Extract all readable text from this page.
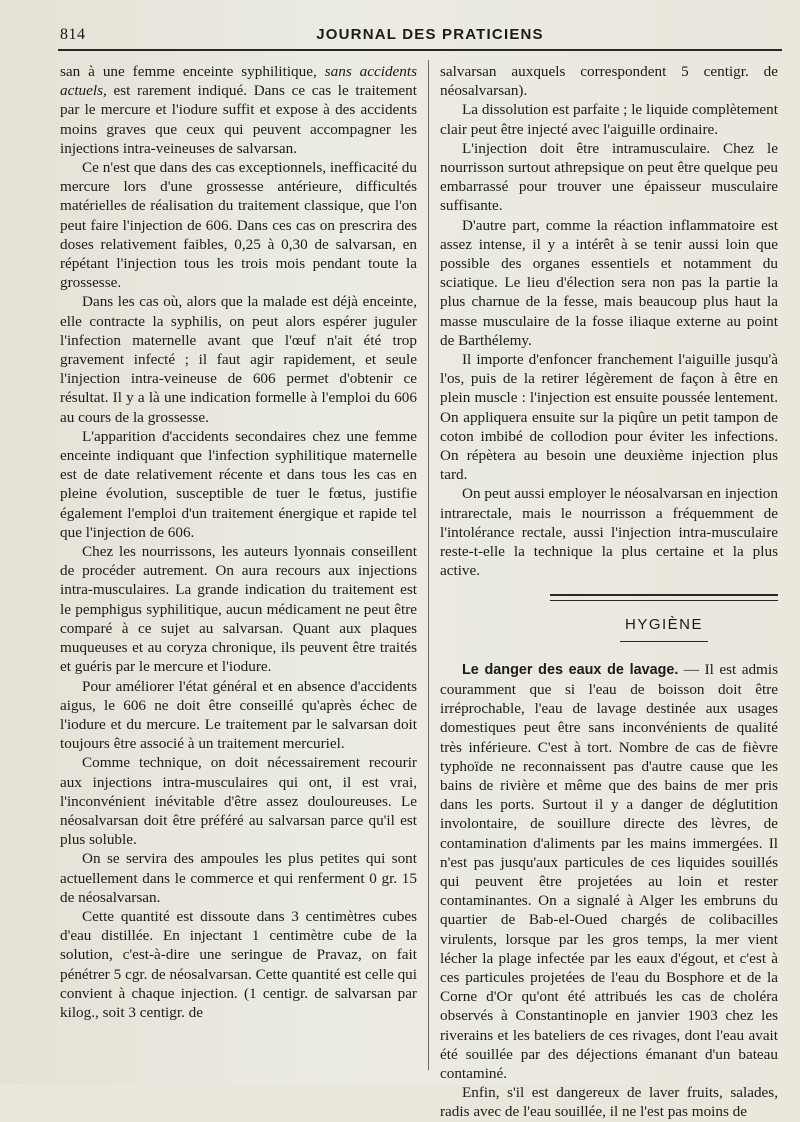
814	JOURNAL DES PRATICIENS

san à une femme enceinte syphilitique, sans accidents actuels, est rarement indiqué. Dans ce cas le traitement par le mercure et l'iodure suffit et expose à des accidents moins graves que ceux qui peuvent accompagner les injections intra-veineuses de salvarsan.

Ce n'est que dans des cas exceptionnels, inefficacité du mercure lors d'une grossesse antérieure, difficultés matérielles de réalisation du traitement classique, que l'on peut faire l'injection de 606. Dans ces cas on prescrira des doses relativement faibles, 0,25 à 0,30 de salvarsan, en répétant l'injection tous les trois mois pendant toute la grossesse.

Dans les cas où, alors que la malade est déjà enceinte, elle contracte la syphilis, on peut alors espérer juguler l'infection maternelle avant que l'œuf n'ait été trop gravement infecté ; il faut agir rapidement, et seule l'injection intra-veineuse de 606 permet d'obtenir ce résultat. Il y a là une indication formelle à l'emploi du 606 au cours de la grossesse.

L'apparition d'accidents secondaires chez une femme enceinte indiquant que l'infection syphilitique maternelle est de date relativement récente et dans tous les cas en pleine évolution, susceptible de tuer le fœtus, justifie également l'emploi d'un traitement énergique et rapide tel que l'injection de 606.

Chez les nourrissons, les auteurs lyonnais conseillent de procéder autrement. On aura recours aux injections intra-musculaires. La grande indication du traitement est le pemphigus syphilitique, aucun médicament ne peut être comparé à ce sujet au salvarsan. Quant aux plaques muqueuses et au coryza chronique, ils peuvent être traités et guéris par le mercure et l'iodure.

Pour améliorer l'état général et en absence d'accidents aigus, le 606 ne doit être conseillé qu'après échec de l'iodure et du mercure. Le traitement par le salvarsan doit toujours être associé à un traitement mercuriel.

Comme technique, on doit nécessairement recourir aux injections intra-musculaires qui ont, il est vrai, l'inconvénient inévitable d'être assez douloureuses. Le néosalvarsan doit être préféré au salvarsan parce qu'il est plus soluble.

On se servira des ampoules les plus petites qui sont actuellement dans le commerce et qui renferment 0 gr. 15 de néosalvarsan.

Cette quantité est dissoute dans 3 centimètres cubes d'eau distillée. En injectant 1 centimètre cube de la solution, c'est-à-dire une seringue de Pravaz, on fait pénétrer 5 cgr. de néosalvarsan. Cette quantité est celle qui convient à chaque injection. (1 centigr. de salvarsan par kilog., soit 3 centigr. de

salvarsan auxquels correspondent 5 centigr. de néosalvarsan).

La dissolution est parfaite ; le liquide complètement clair peut être injecté avec l'aiguille ordinaire.

L'injection doit être intramusculaire. Chez le nourrisson surtout athrepsique on peut être quelque peu embarrassé pour trouver une épaisseur musculaire suffisante.

D'autre part, comme la réaction inflammatoire est assez intense, il y a intérêt à se tenir aussi loin que possible des organes essentiels et notamment du sciatique. Le lieu d'élection sera non pas la partie la plus charnue de la fesse, mais beaucoup plus haut la masse musculaire de la fosse iliaque externe au point de Barthélemy.

Il importe d'enfoncer franchement l'aiguille jusqu'à l'os, puis de la retirer légèrement de façon à être en plein muscle : l'injection est ensuite poussée lentement. On appliquera ensuite sur la piqûre un petit tampon de coton imbibé de collodion pour éviter les infections. On répètera au besoin une deuxième injection plus tard.

On peut aussi employer le néosalvarsan en injection intrarectale, mais le nourrisson a fréquemment de l'intolérance rectale, aussi l'injection intra-musculaire reste-t-elle la technique la plus certaine et la plus active.

HYGIÈNE

Le danger des eaux de lavage. — Il est admis couramment que si l'eau de boisson doit être irréprochable, l'eau de lavage destinée aux usages domestiques peut être sans inconvénients de qualité très inférieure. C'est à tort. Nombre de cas de fièvre typhoïde ne reconnaissent pas d'autre cause que les bains de rivière et même que des bains de mer pris dans les ports. Surtout il y a danger de déglutition involontaire, de souillure directe des lèvres, de contamination d'aliments par les mains immergées. Il n'est pas jusqu'aux particules de ces liquides souillés qui peuvent être projetées au loin et rester contaminantes. On a signalé à Alger les embruns du quartier de Bab-el-Oued chargés de colibacilles virulents, lorsque par les gros temps, la mer vient lécher la plage infectée par les eaux d'égout, et c'est à ces particules projetées de l'eau du Bosphore et de la Corne d'Or qu'ont été attribués les cas de choléra observés à Constantinople en janvier 1903 chez les riverains et les bateliers de ces rivages, dont l'eau avait été souillée par des déjections émanant d'un bateau contaminé.

Enfin, s'il est dangereux de laver fruits, salades, radis avec de l'eau souillée, il ne l'est pas moins de
